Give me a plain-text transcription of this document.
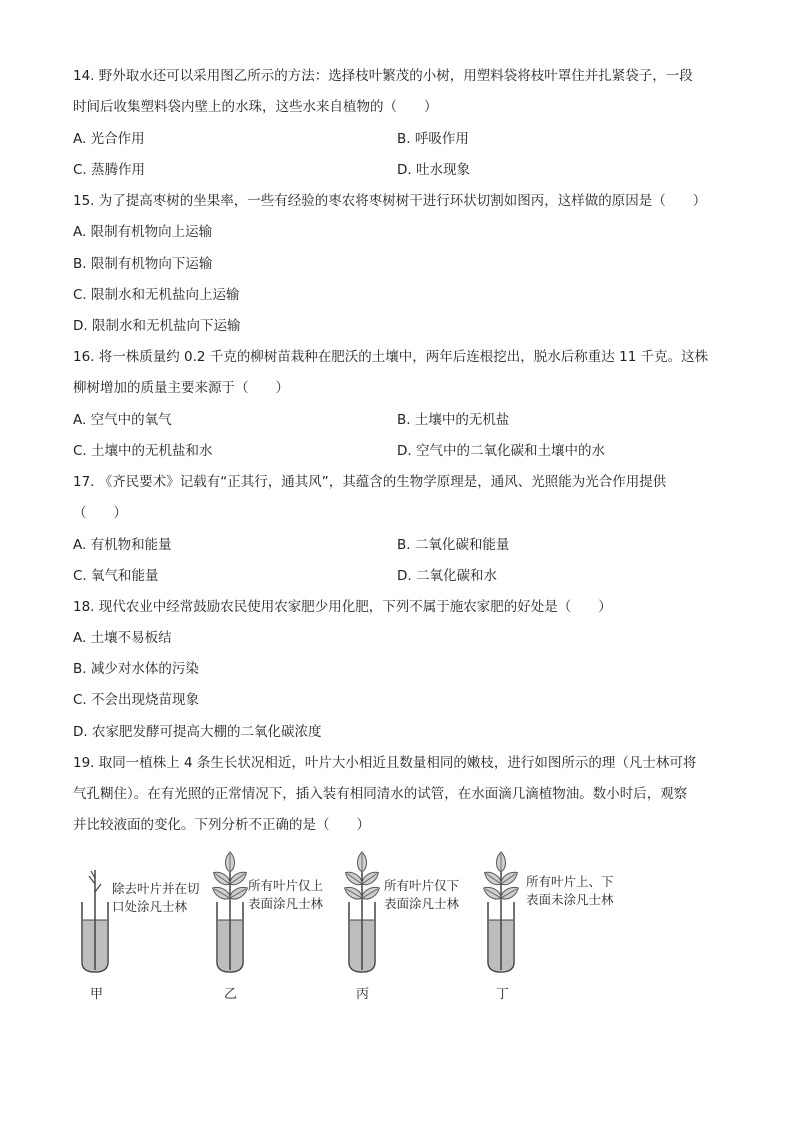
14. 野外取水还可以采用图乙所示的方法：选择枝叶繁茂的小树，用塑料袋将枝叶罩住并扎紧袋子，一段
时间后收集塑料袋内壁上的水珠，这些水来自植物的（　　）
A. 光合作用	B. 呼吸作用
C. 蒸腾作用	D. 吐水现象
15. 为了提高枣树的坐果率，一些有经验的枣农将枣树树干进行环状切割如图丙，这样做的原因是（　　）
A. 限制有机物向上运输
B. 限制有机物向下运输
C. 限制水和无机盐向上运输
D. 限制水和无机盐向下运输
16. 将一株质量约 0.2 千克的柳树苗栽种在肥沃的土壤中，两年后连根挖出，脱水后称重达 11 千克。这株
柳树增加的质量主要来源于（　　）
A. 空气中的氧气	B. 土壤中的无机盐
C. 土壤中的无机盐和水	D. 空气中的二氧化碳和土壤中的水
17. 《齐民要术》记载有“正其行，通其风”，其蕴含的生物学原理是，通风、光照能为光合作用提供
（　　）
A. 有机物和能量	B. 二氧化碳和能量
C. 氧气和能量	D. 二氧化碳和水
18. 现代农业中经常鼓励农民使用农家肥少用化肥，下列不属于施农家肥的好处是（　　）
A. 土壤不易板结
B. 减少对水体的污染
C. 不会出现烧苗现象
D. 农家肥发酵可提高大棚的二氧化碳浓度
19. 取同一植株上 4 条生长状况相近，叶片大小相近且数量相同的嫩枝，进行如图所示的理（凡士林可将
气孔糊住）。在有光照的正常情况下，插入装有相同清水的试管，在水面滴几滴植物油。数小时后，观察
并比较液面的变化。下列分析不正确的是（　　）
除去叶片并在切
口处涂凡士林
所有叶片仅上
表面涂凡士林
所有叶片仅下
表面涂凡士林
所有叶片上、下
表面未涂凡士林
甲	乙	丙	丁
